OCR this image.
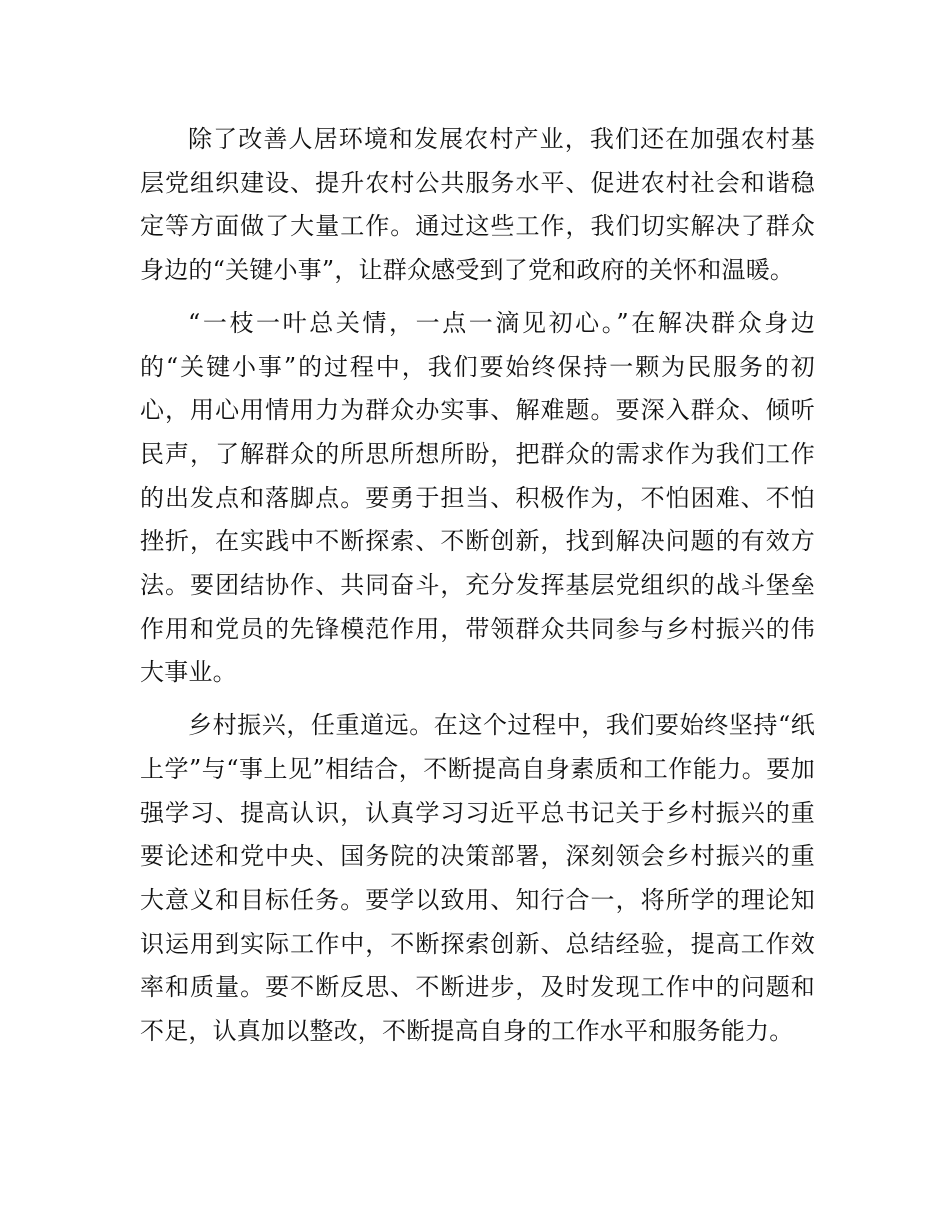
除了改善人居环境和发展农村产业，我们还在加强农村基层党组织建设、提升农村公共服务水平、促进农村社会和谐稳定等方面做了大量工作。通过这些工作，我们切实解决了群众身边的“关键小事”，让群众感受到了党和政府的关怀和温暖。

“一枝一叶总关情，一点一滴见初心。”在解决群众身边的“关键小事”的过程中，我们要始终保持一颗为民服务的初心，用心用情用力为群众办实事、解难题。要深入群众、倾听民声，了解群众的所思所想所盼，把群众的需求作为我们工作的出发点和落脚点。要勇于担当、积极作为，不怕困难、不怕挫折，在实践中不断探索、不断创新，找到解决问题的有效方法。要团结协作、共同奋斗，充分发挥基层党组织的战斗堡垒作用和党员的先锋模范作用，带领群众共同参与乡村振兴的伟大事业。

乡村振兴，任重道远。在这个过程中，我们要始终坚持“纸上学”与“事上见”相结合，不断提高自身素质和工作能力。要加强学习、提高认识，认真学习习近平总书记关于乡村振兴的重要论述和党中央、国务院的决策部署，深刻领会乡村振兴的重大意义和目标任务。要学以致用、知行合一，将所学的理论知识运用到实际工作中，不断探索创新、总结经验，提高工作效率和质量。要不断反思、不断进步，及时发现工作中的问题和不足，认真加以整改，不断提高自身的工作水平和服务能力。
